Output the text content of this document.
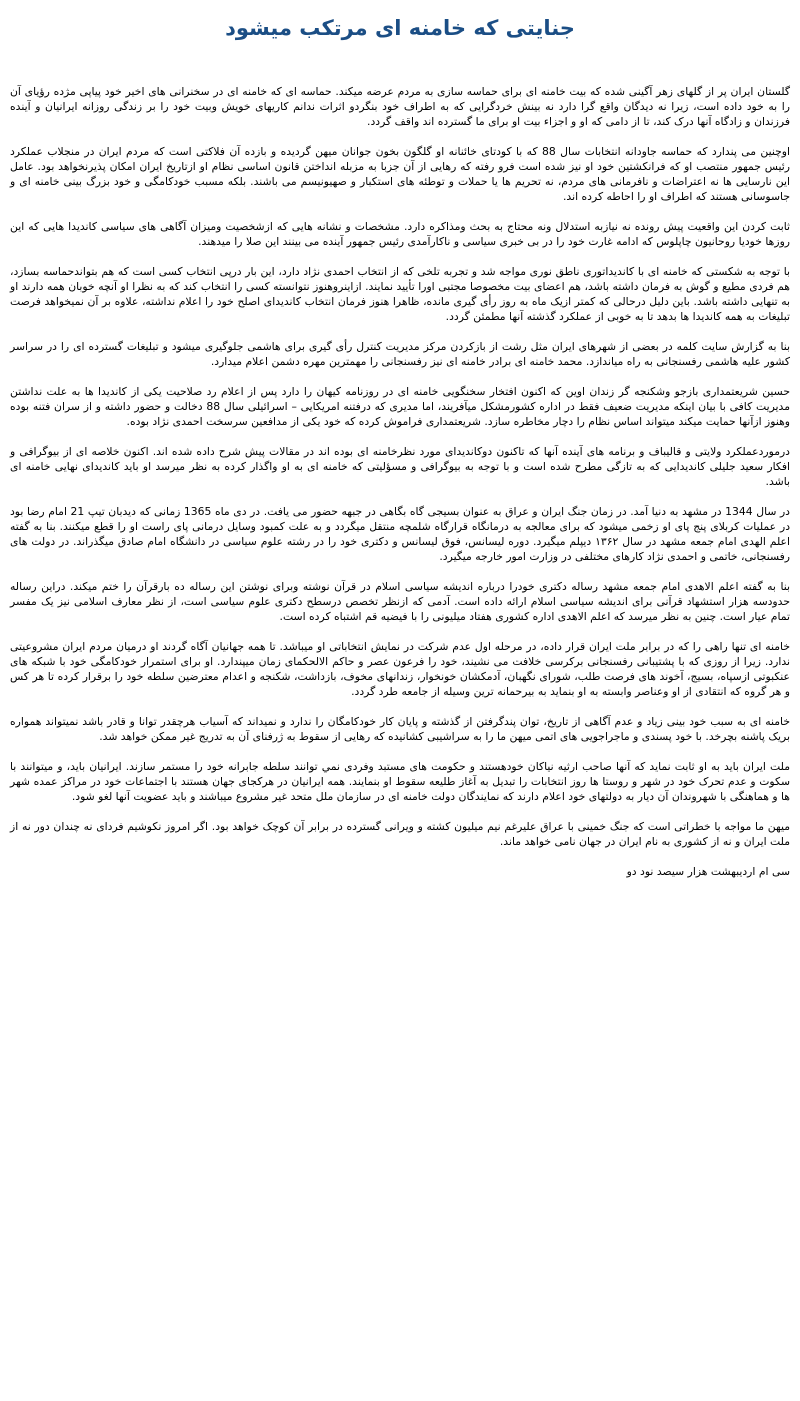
جنایتی که خامنه ای مرتکب میشود

گلستان ایران پر از گلهای زهر آگینی شده که بیت خامنه ای برای حماسه سازی به مردم عرضه میکند. حماسه ای که خامنه ای در سخنرانی های اخیر خود پیاپی مژده رؤیای آن را به خود داده است، زیرا نه دیدگان واقع گرا دارد نه بینش خردگرایی که به اطراف خود بنگردو اثرات ندانم کاریهای خویش وبیت خود را بر زندگی روزانه ایرانیان و آینده فرزندان و زادگاه آنها درک کند، تا از دامی که او و اجزاء بیت او برای ما گسترده اند واقف گردد.

اوچنین می پندارد که حماسه جاودانه انتخابات سال 88 که با کودتای خائنانه او گلگون بخون جوانان میهن گردیده و بازده آن فلاکتی است که مردم ایران در منجلاب عملکرد رئیس جمهور منتصب او که فرانکشتین خود او نیز شده است فرو رفته که رهایی از آن جزبا به مزبله انداختن قانون اساسی نظام او ازتاریخ ایران امکان پذیرنخواهد بود. عامل این نارسایی ها نه اعتراضات و نافرمانی های مردم، نه تحریم ها یا حملات و توطئه های استکبار و صهیونیسم می باشند. بلکه مسبب خودکامگی و خود بزرگ بینی خامنه ای و جاسوسانی هستند که اطراف او را احاطه کرده اند.

ثابت کردن این واقعیت پیش رونده نه نیازبه استدلال ونه محتاج به بحث ومذاکره دارد. مشخصات و نشانه هایی که ازشخصیت ومیزان آگاهی های سیاسی کاندیدا هایی که این روزها خودیا روحانیون چاپلوس که ادامه غارت خود را در بی خبری سیاسی و ناکارآمدی رئیس جمهور آینده می بینند این صلا را میدهند.

با توجه به شکستی که خامنه ای با کاندیداتوری ناطق نوری مواجه شد و تجربه تلخی که از انتخاب احمدی نژاد دارد، این بار درپی انتخاب کسی است که هم بتواندحماسه بسازد، هم فردی مطیع و گوش به فرمان داشته باشد، هم اعضای بیت مخصوصا مجتبی اورا تأیید نمایند. ازاینروهنوز نتوانسته کسی را انتخاب کند که به نظرا او آنچه خوبان همه دارند او به تنهایی داشته باشد. باین دلیل درحالی که کمتر ازیک ماه به روز رأی گیری مانده، ظاهرا هنوز فرمان انتخاب کاندیدای اصلح خود را اعلام نداشته، علاوه بر آن نمیخواهد فرصت تبلیغات به همه کاندیدا ها بدهد تا به خوبی از عملکرد گذشته آنها مطمئن گردد.

بنا به گزارش سایت کلمه در بعضی از شهرهای ایران مثل رشت از بازکردن مرکز مدیریت کنترل رأی گیری برای هاشمی جلوگیری میشود و تبلیغات گسترده ای را در سراسر کشور علیه هاشمی رفسنجانی به راه میاندازد. محمد خامنه ای برادر خامنه ای نیز رفسنجانی را مهمترین مهره دشمن اعلام میدارد.

حسین شریعتمداری بازجو وشکنجه گر زندان اوین که اکنون افتخار سخنگویی خامنه ای در روزنامه کیهان را دارد پس از اعلام رد صلاحیت یکی از کاندیدا ها به علت نداشتن مدیریت کافی با بیان اینکه مدیریت ضعیف فقط در اداره کشورمشکل میآفریند، اما مدیری که درفتنه امریکایی – اسرائیلی سال 88 دخالت و حضور داشته و از سران فتنه بوده وهنوز ازآنها حمایت میکند میتواند اساس نظام را دچار مخاطره سازد. شریعتمداری فراموش کرده که خود یکی از مدافعین سرسخت احمدی نژاد بوده.

درموردعملکرد ولایتی و قالیباف و برنامه های آینده آنها که تاکنون دوکاندیدای مورد نظرخامنه ای بوده اند در مقالات پیش شرح داده شده اند. اکنون خلاصه ای از بیوگرافی و افکار سعید جلیلی کاندیدایی که به تازگی مطرح شده است و با توجه به بیوگرافی و مسؤلیتی که خامنه ای به او واگذار کرده به نظر میرسد او باید کاندیدای نهایی خامنه ای باشد.

در سال 1344 در مشهد به دنیا آمد. در زمان جنگ ایران و عراق به عنوان بسیجی گاه بگاهی در جبهه حضور می یافت. در دی ماه 1365 زمانی که دیدبان تیپ 21 امام رضا بود در عملیات کربلای پنج پای او زخمی میشود که برای معالجه به درمانگاه قرارگاه شلمچه منتقل میگردد و به علت کمبود وسایل درمانی پای راست او را قطع میکنند. بنا به گفته اعلم الهدی امام جمعه مشهد در سال ۱۳۶۲ دیپلم میگیرد. دوره لیسانس، فوق لیسانس و دکتری خود را در رشته علوم سیاسی در دانشگاه امام صادق میگذراند. در دولت های رفسنجانی، خاتمی و احمدی نژاد کارهای مختلفی در وزارت امور خارجه میگیرد.

بنا به گفته اعلم الاهدی امام جمعه مشهد رساله دکتری خودرا درباره اندیشه سیاسی اسلام در قرآن نوشته وبرای نوشتن این رساله ده بارقرآن را ختم میکند. دراین رساله حدودسه هزار استشهاد قرآنی برای اندیشه سیاسی اسلام ارائه داده است. آدمی که ازنظر تخصص درسطح دکتری علوم سیاسی است، از نظر معارف اسلامی نیز یک مفسر تمام عیار است. چنین به نظر میرسد که اعلم الاهدی اداره کشوری هفتاد میلیونی را با فیضیه قم اشتباه کرده است.

خامنه ای تنها راهی را که در برابر ملت ایران قرار داده، در مرحله اول عدم شرکت در نمایش انتخاباتی او میباشد. تا همه جهانیان آگاه گردند او درمیان مردم ایران مشروعیتی ندارد. زیرا از روزی که با پشتیبانی رفسنجانی برکرسی خلافت می نشیند، خود را فرعون عصر و حاکم الالحکمای زمان میپندارد. او برای استمرار خودکامگی خود با شبکه های عنکبوتی ازسپاه، بسیج، آخوند های فرصت طلب، شورای نگهبان، آدمکشان خونخوار، زندانهای مخوف، بازداشت، شکنجه و اعدام معترضین سلطه خود را برقرار کرده تا هر کس و هر گروه که انتقادی از او وعناصر وابسته به او بنماید به بیرحمانه ترین وسیله از جامعه طرد گردد.

خامنه ای به سبب خود بینی زیاد و عدم آگاهی از تاریخ، توان پندگرفتن از گذشته و پایان کار خودکامگان را ندارد و نمیداند که آسیاب هرچقدر توانا و قادر باشد نمیتواند همواره بریک پاشنه بچرخد. با خود پسندی و ماجراجویی های اتمی میهن ما را به سراشیبی کشانیده که رهایی از سقوط به ژرفنای آن به تدریج غیر ممکن خواهد شد.

ملت ایران باید به او ثابت نماید که آنها صاحب ارثیه نیاکان خودهستند و حکومت های مستبد وفردی نمي توانند سلطه جابرانه خود را مستمر سازند. ایرانیان باید، و میتوانند با سکوت و عدم تحرک خود در شهر و روستا ها روز انتخابات را تبدیل به آغاز طلیعه سقوط او بنمایند. همه ایرانیان در هرکجای جهان هستند با اجتماعات خود در مراکز عمده شهر ها و هماهنگی با شهروندان آن دیار به دولتهای خود اعلام دارند که نمایندگان دولت خامنه ای در سازمان ملل متحد غیر مشروع میباشند و باید عضویت آنها لغو شود.

میهن ما مواجه با خطراتی است که جنگ خمینی با عراق علیرغم نیم میلیون کشته و ویرانی گسترده در برابر آن کوچک خواهد بود. اگر امروز نکوشیم فردای نه چندان دور نه از ملت ایران و نه از کشوری به نام ایران در جهان نامی خواهد ماند.

سی ام اردیبهشت هزار سیصد نود دو
